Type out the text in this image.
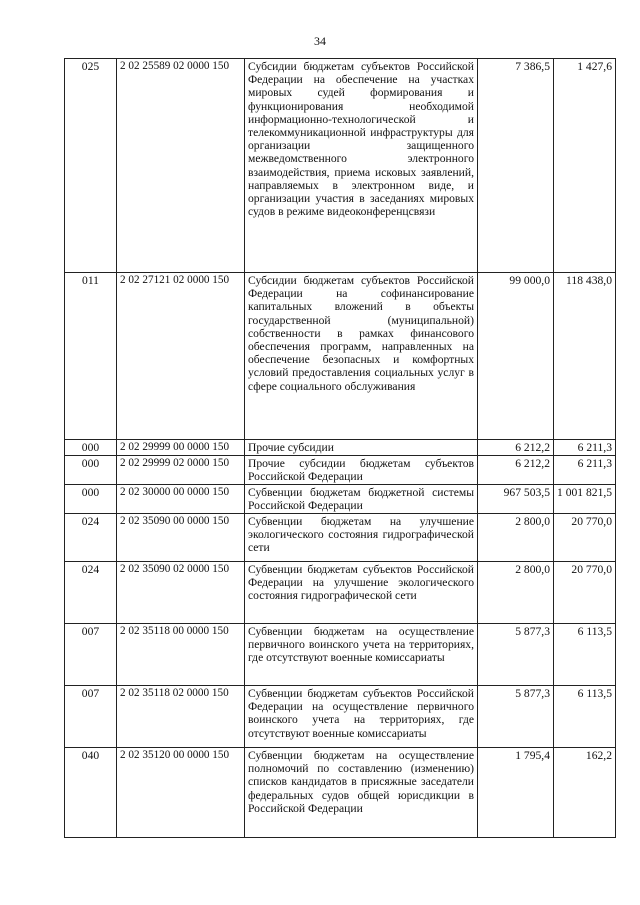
34
025	2 02 25589 02 0000 150	Субсидии бюджетам субъектов Российской Федерации на обеспечение на участках мировых судей формирования и функционирования необходимой информационно-технологической и телекоммуникационной инфраструктуры для организации защищенного межведомственного электронного взаимодействия, приема исковых заявлений, направляемых в электронном виде, и организации участия в заседаниях мировых судов в режиме видеоконференцсвязи	7 386,5	1 427,6
011	2 02 27121 02 0000 150	Субсидии бюджетам субъектов Российской Федерации на софинансирование капитальных вложений в объекты государственной (муниципальной) собственности в рамках финансового обеспечения программ, направленных на обеспечение безопасных и комфортных условий предоставления социальных услуг в сфере социального обслуживания	99 000,0	118 438,0
000	2 02 29999 00 0000 150	Прочие субсидии	6 212,2	6 211,3
000	2 02 29999 02 0000 150	Прочие субсидии бюджетам субъектов Российской Федерации	6 212,2	6 211,3
000	2 02 30000 00 0000 150	Субвенции бюджетам бюджетной системы Российской Федерации	967 503,5	1 001 821,5
024	2 02 35090 00 0000 150	Субвенции бюджетам на улучшение экологического состояния гидрографической сети	2 800,0	20 770,0
024	2 02 35090 02 0000 150	Субвенции бюджетам субъектов Российской Федерации на улучшение экологического состояния гидрографической сети	2 800,0	20 770,0
007	2 02 35118 00 0000 150	Субвенции бюджетам на осуществление первичного воинского учета на территориях, где отсутствуют военные комиссариаты	5 877,3	6 113,5
007	2 02 35118 02 0000 150	Субвенции бюджетам субъектов Российской Федерации на осуществление первичного воинского учета на территориях, где отсутствуют военные комиссариаты	5 877,3	6 113,5
040	2 02 35120 00 0000 150	Субвенции бюджетам на осуществление полномочий по составлению (изменению) списков кандидатов в присяжные заседатели федеральных судов общей юрисдикции в Российской Федерации	1 795,4	162,2
